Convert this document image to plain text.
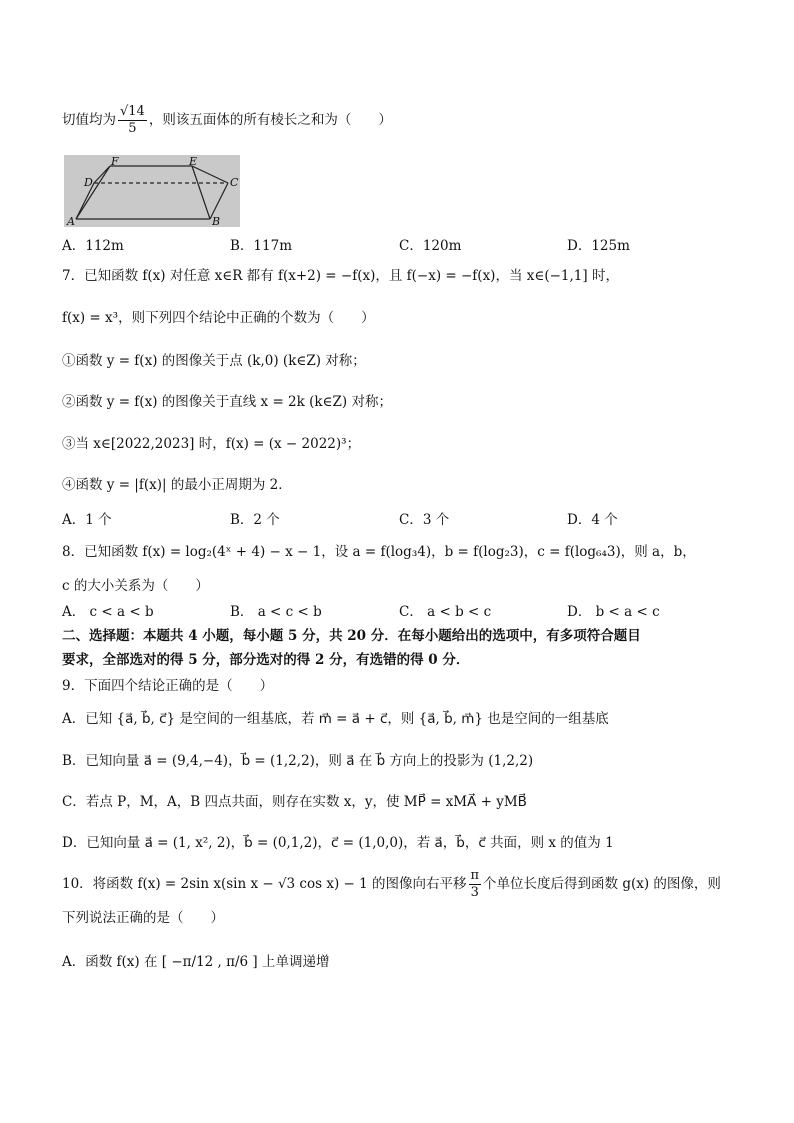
切值均为 $\frac{√14}{5}$ ，则该五面体的所有棱长之和为（　　）
F	E
D	C
A	B
A．112m	B．117m	C．120m	D．125m
7．已知函数 f(x) 对任意 x∈R 都有 f(x+2) = −f(x)，且 f(−x) = −f(x)，当 x∈(−1,1] 时，
f(x) = x³，则下列四个结论中正确的个数为（　　）
①函数 y = f(x) 的图像关于点 (k,0) (k∈Z) 对称；
②函数 y = f(x) 的图像关于直线 x = 2k (k∈Z) 对称；
③当 x∈[2022,2023] 时，f(x) = (x − 2022)³；
④函数 y = |f(x)| 的最小正周期为 2．
A．1 个	B．2 个	C．3 个	D．4 个
8．已知函数 f(x) = log₂(4ˣ + 4) − x − 1，设 a = f(log₃4)，b = f(log₂3)，c = f(log₆₄3)，则 a，b，
c 的大小关系为（　　）
A． c < a < b	B． a < c < b	C． a < b < c	D． b < a < c
二、选择题：本题共 4 小题，每小题 5 分，共 20 分．在每小题给出的选项中，有多项符合题目
要求，全部选对的得 5 分，部分选对的得 2 分，有选错的得 0 分．
9．下面四个结论正确的是（　　）
A．已知 {a⃗, b⃗, c⃗} 是空间的一组基底，若 m⃗ = a⃗ + c⃗，则 {a⃗, b⃗, m⃗} 也是空间的一组基底
B．已知向量 a⃗ = (9,4,−4)，b⃗ = (1,2,2)，则 a⃗ 在 b⃗ 方向上的投影为 (1,2,2)
C．若点 P，M，A，B 四点共面，则存在实数 x，y，使 MP⃗ = xMA⃗ + yMB⃗
D．已知向量 a⃗ = (1, x², 2)，b⃗ = (0,1,2)，c⃗ = (1,0,0)，若 a⃗，b⃗，c⃗ 共面，则 x 的值为 1
10．将函数 f(x) = 2sin x(sin x − √3 cos x) − 1 的图像向右平移 $\frac{\pi}{3}$ 个单位长度后得到函数 g(x) 的图像，则
下列说法正确的是（　　）
A．函数 f(x) 在 [ −π/12 , π/6 ] 上单调递增
